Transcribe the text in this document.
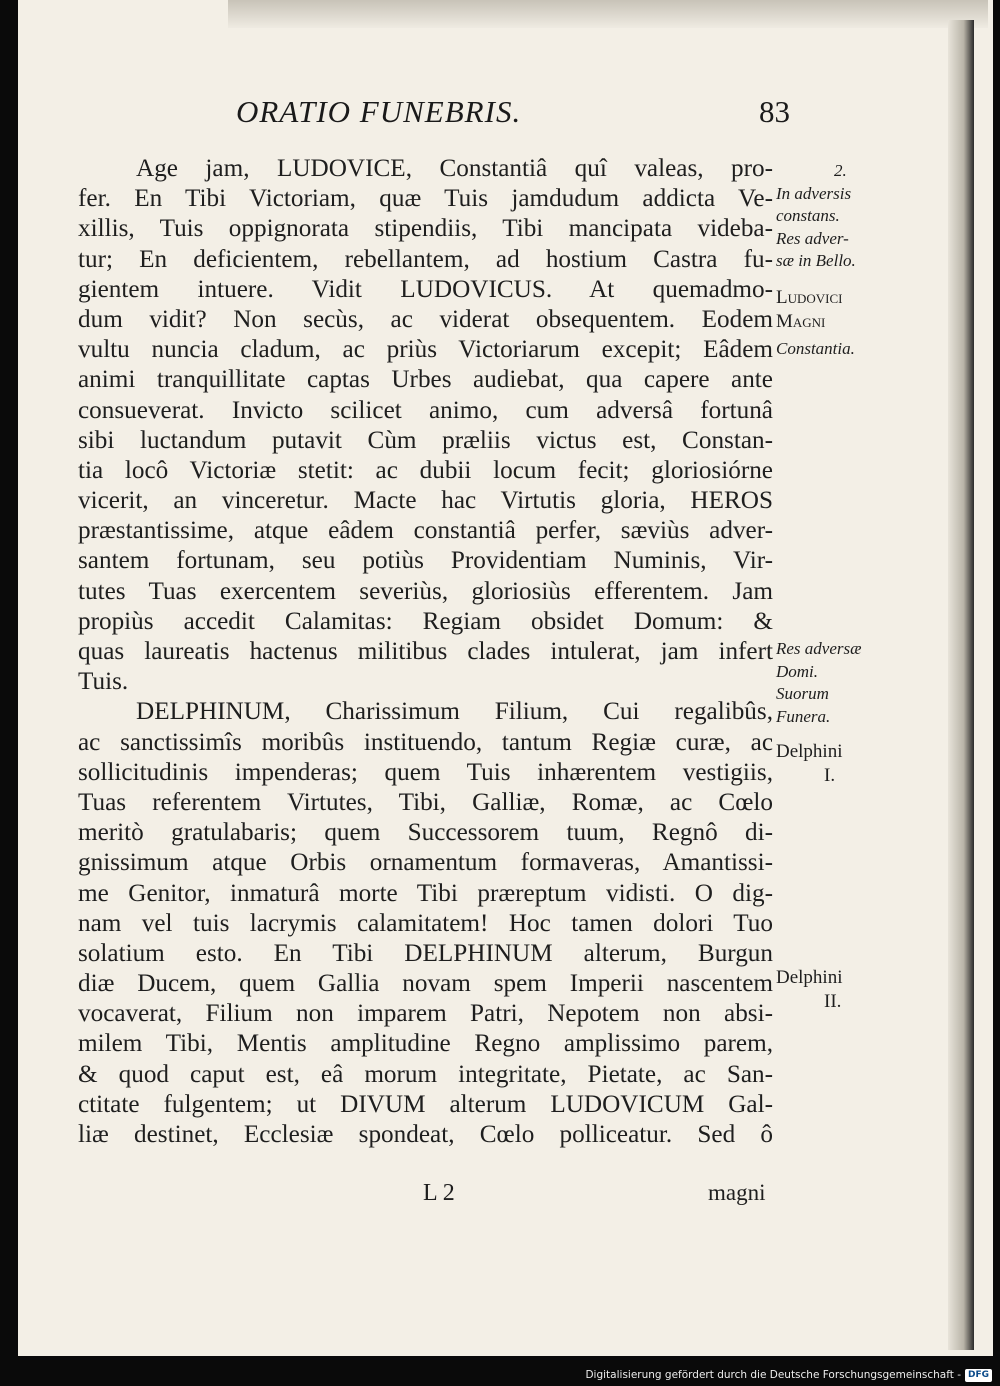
ORATIO FUNEBRIS.	83
Age jam, LUDOVICE, Constantiâ quî valeas, pro-
fer. En Tibi Victoriam, quæ Tuis jamdudum addicta Ve-
xillis, Tuis oppignorata stipendiis, Tibi mancipata videba-
tur; En deficientem, rebellantem, ad hostium Castra fu-
gientem intuere. Vidit LUDOVICUS. At quemadmo-
dum vidit? Non secùs, ac viderat obsequentem. Eodem
vultu nuncia cladum, ac priùs Victoriarum excepit; Eâdem
animi tranquillitate captas Urbes audiebat, qua capere ante
consueverat. Invicto scilicet animo, cum adversâ fortunâ
sibi luctandum putavit Cùm præliis victus est, Constan-
tia locô Victoriæ stetit: ac dubii locum fecit; gloriosiórne
vicerit, an vinceretur. Macte hac Virtutis gloria, HEROS
præstantissime, atque eâdem constantiâ perfer, sæviùs adver-
santem fortunam, seu potiùs Providentiam Numinis, Vir-
tutes Tuas exercentem severiùs, gloriosiùs efferentem. Jam
propiùs accedit Calamitas: Regiam obsidet Domum: &
quas laureatis hactenus militibus clades intulerat, jam infert
Tuis.
DELPHINUM, Charissimum Filium, Cui regalibûs,
ac sanctissimîs moribûs instituendo, tantum Regiæ curæ, ac
sollicitudinis impenderas; quem Tuis inhærentem vestigiis,
Tuas referentem Virtutes, Tibi, Galliæ, Romæ, ac Cœlo
meritò gratulabaris; quem Successorem tuum, Regnô di-
gnissimum atque Orbis ornamentum formaveras, Amantissi-
me Genitor, inmaturâ morte Tibi præreptum vidisti. O dig-
nam vel tuis lacrymis calamitatem! Hoc tamen dolori Tuo
solatium esto. En Tibi DELPHINUM alterum, Burgun
diæ Ducem, quem Gallia novam spem Imperii nascentem
vocaverat, Filium non imparem Patri, Nepotem non absi-
milem Tibi, Mentis amplitudine Regno amplissimo parem,
& quod caput est, eâ morum integritate, Pietate, ac San-
ctitate fulgentem; ut DIVUM alterum LUDOVICUM Gal-
liæ destinet, Ecclesiæ spondeat, Cœlo polliceatur. Sed ô
2.
In adversis
constans.
Res adver-
sæ in Bello.
Ludovici
Magni
Constantia.
Res adversæ
Domi.
Suorum
Funera.
Delphini
I.
Delphini
II.
L 2	magni
Digitalisierung gefördert durch die Deutsche Forschungsgemeinschaft - DFG
